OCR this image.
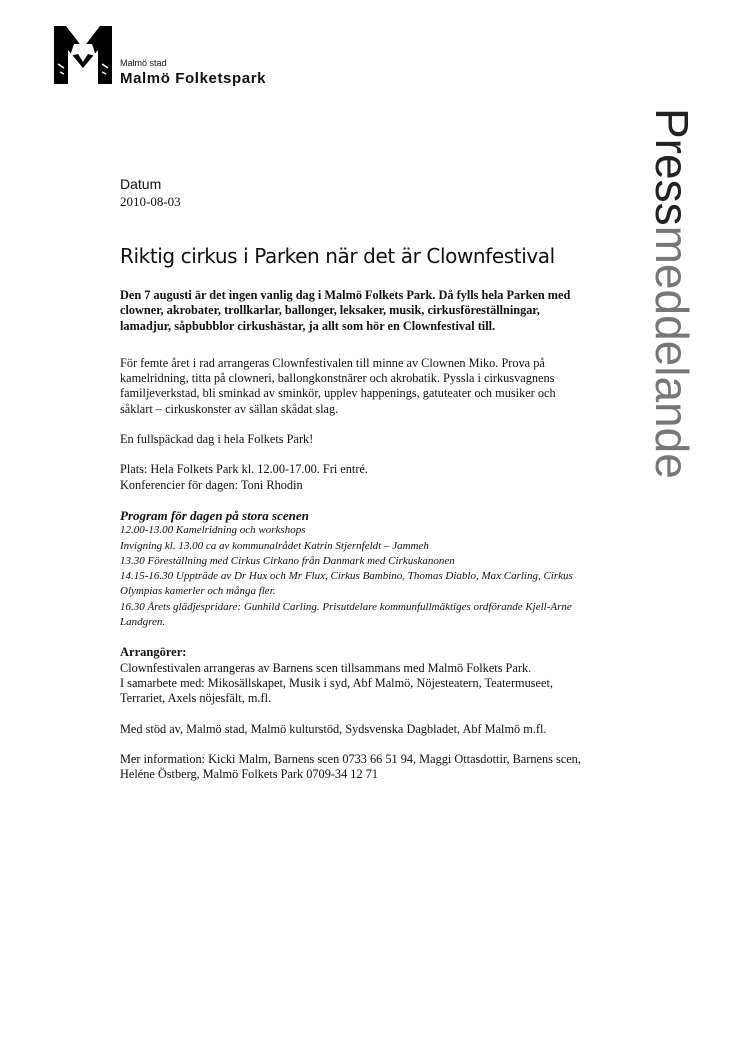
Malmö stad
Malmö Folketspark
Pressmeddelande
Datum
2010-08-03
Riktig cirkus i Parken när det är Clownfestival

Den 7 augusti är det ingen vanlig dag i Malmö Folkets Park. Då fylls hela Parken med clowner, akrobater, trollkarlar, ballonger, leksaker, musik, cirkusföreställningar, lamadjur, såpbubblor cirkushästar, ja allt som hör en Clownfestival till.

För femte året i rad arrangeras Clownfestivalen till minne av Clownen Miko. Prova på kamelridning, titta på clowneri, ballongkonstnärer och akrobatik. Pyssla i cirkusvagnens familjeverkstad, bli sminkad av sminkör, upplev happenings, gatuteater och musiker och såklart – cirkuskonster av sällan skådat slag.

En fullspäckad dag i hela Folkets Park!

Plats: Hela Folkets Park kl. 12.00-17.00. Fri entré.

Konferencier för dagen: Toni Rhodin

Program för dagen på stora scenen

12.00-13.00 Kamelridning och workshops

Invigning kl. 13.00 ca av kommunalrådet Katrin Stjernfeldt – Jammeh

13.30 Föreställning med Cirkus Cirkano från Danmark med Cirkuskanonen

14.15-16.30 Uppträde av Dr Hux och Mr Flux, Cirkus Bambino, Thomas Diablo, Max Carling, Cirkus Olympias kamerler och många fler.

16.30 Årets glädjespridare: Gunhild Carling. Prisutdelare kommunfullmäktiges ordförande Kjell-Arne Landgren.

Arrangörer:

Clownfestivalen arrangeras av Barnens scen tillsammans med Malmö Folkets Park.

I samarbete med: Mikosällskapet, Musik i syd, Abf Malmö, Nöjesteatern, Teatermuseet, Terrariet, Axels nöjesfält, m.fl.

Med stöd av, Malmö stad, Malmö kulturstöd, Sydsvenska Dagbladet, Abf Malmö m.fl.

Mer information: Kicki Malm, Barnens scen 0733 66 51 94, Maggi Ottasdottir, Barnens scen, Heléne Östberg, Malmö Folkets Park 0709-34 12 71
